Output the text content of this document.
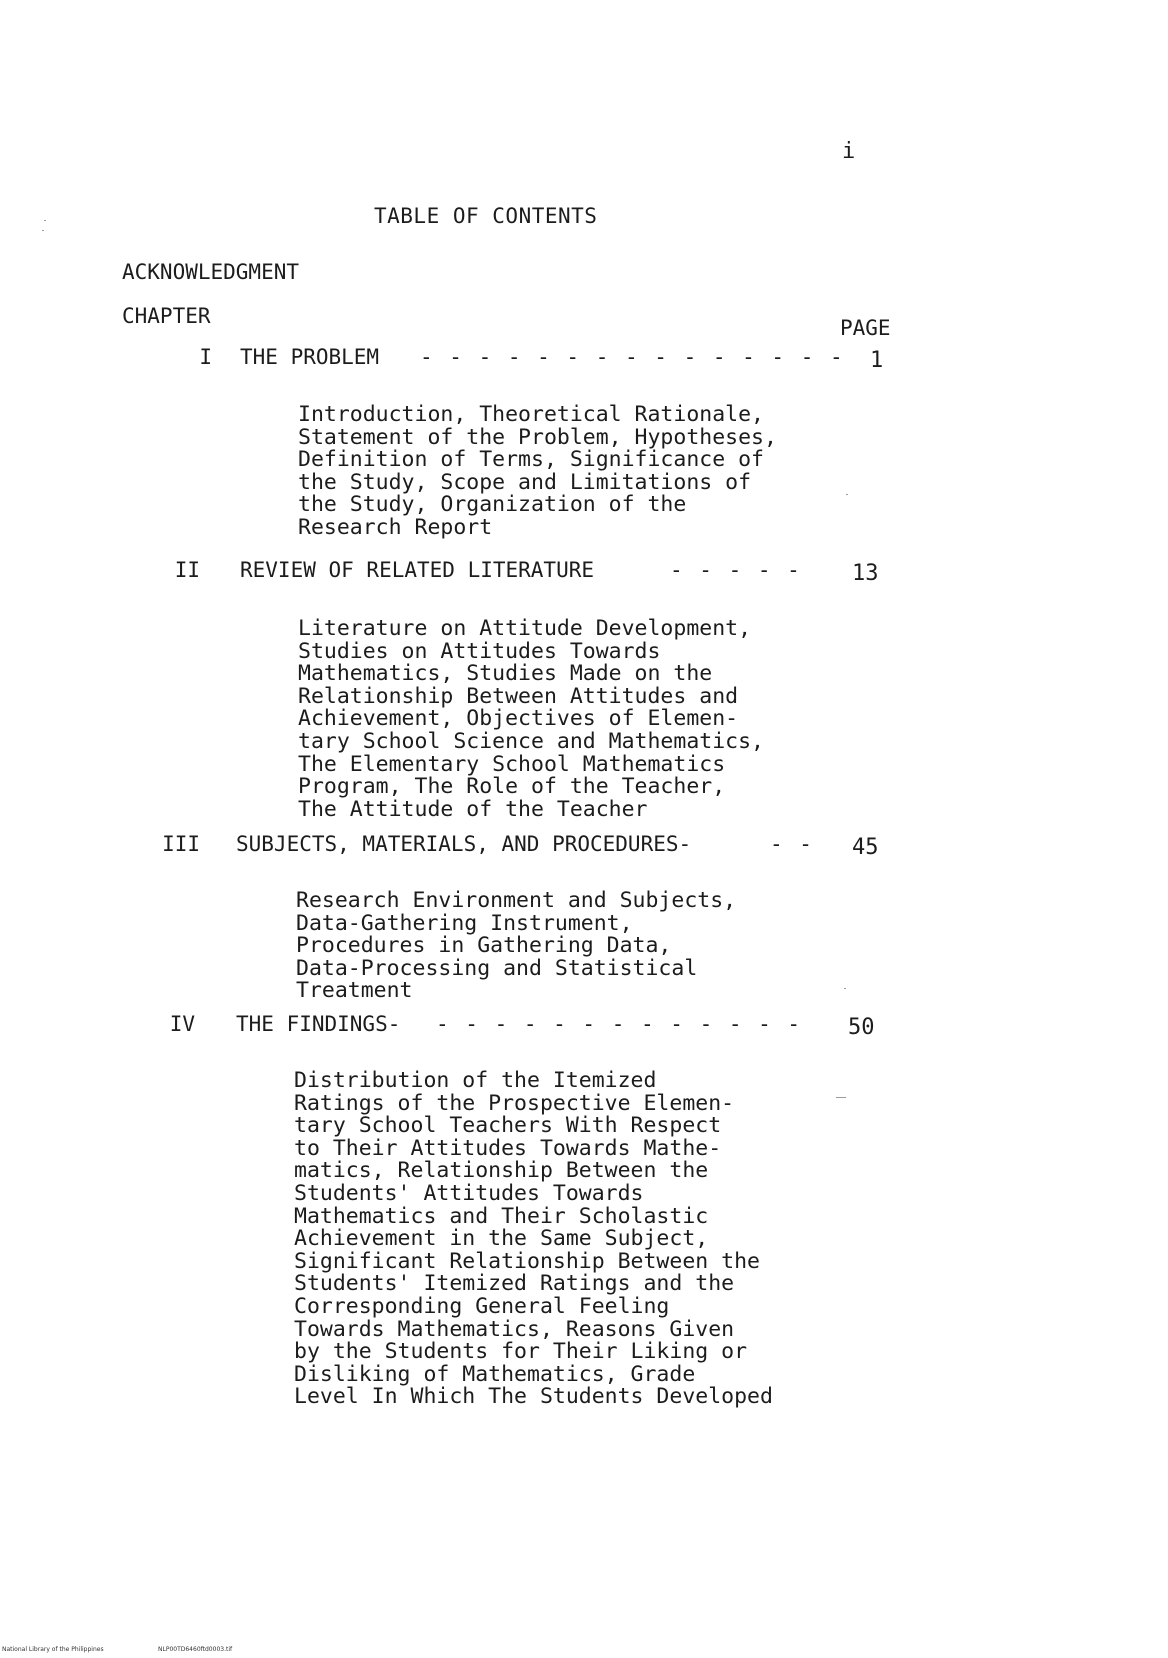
i
TABLE OF CONTENTS
ACKNOWLEDGMENT
CHAPTER	PAGE
I THE PROBLEM - - - - - - - - - - - - - - - 1
Introduction, Theoretical Rationale,
Statement of the Problem, Hypotheses,
Definition of Terms, Significance of
the Study, Scope and Limitations of
the Study, Organization of the
Research Report
II REVIEW OF RELATED LITERATURE	- - - - - 13
Literature on Attitude Development,
Studies on Attitudes Towards
Mathematics, Studies Made on the
Relationship Between Attitudes and
Achievement, Objectives of Elemen-
tary School Science and Mathematics,
The Elementary School Mathematics
Program, The Role of the Teacher,
The Attitude of the Teacher
III SUBJECTS, MATERIALS, AND PROCEDURES-	- - 45
Research Environment and Subjects,
Data-Gathering Instrument,
Procedures in Gathering Data,
Data-Processing and Statistical
Treatment
IV THE FINDINGS- - - - - - - - - - - - - - 50
Distribution of the Itemized
Ratings of the Prospective Elemen-
tary School Teachers With Respect
to Their Attitudes Towards Mathe-
matics, Relationship Between the
Students' Attitudes Towards
Mathematics and Their Scholastic
Achievement in the Same Subject,
Significant Relationship Between the
Students' Itemized Ratings and the
Corresponding General Feeling
Towards Mathematics, Reasons Given
by the Students for Their Liking or
Disliking of Mathematics, Grade
Level In Which The Students Developed
National Library of the Philippines	NLP00TD6460ftd0003.tif
